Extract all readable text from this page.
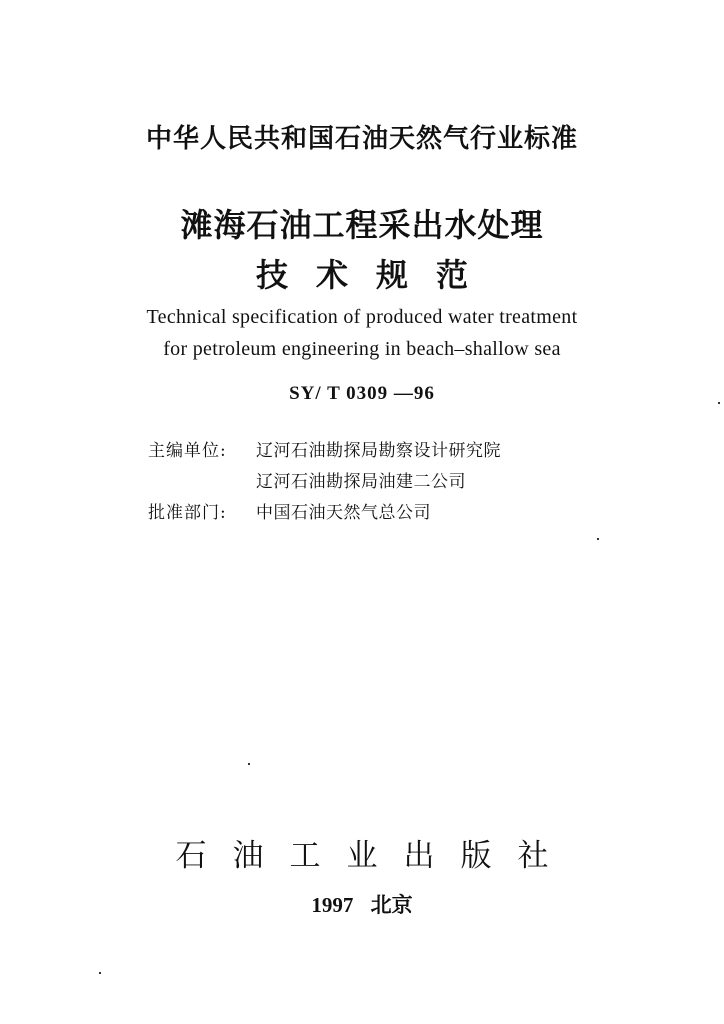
中华人民共和国石油天然气行业标准
滩海石油工程采出水处理
技术规范
Technical specification of produced water treatment
for petroleum engineering in beach–shallow sea
SY/ T 0309 —96
主编单位:	辽河石油勘探局勘察设计研究院
辽河石油勘探局油建二公司
批准部门:	中国石油天然气总公司
石油工业出版社
1997 北京
